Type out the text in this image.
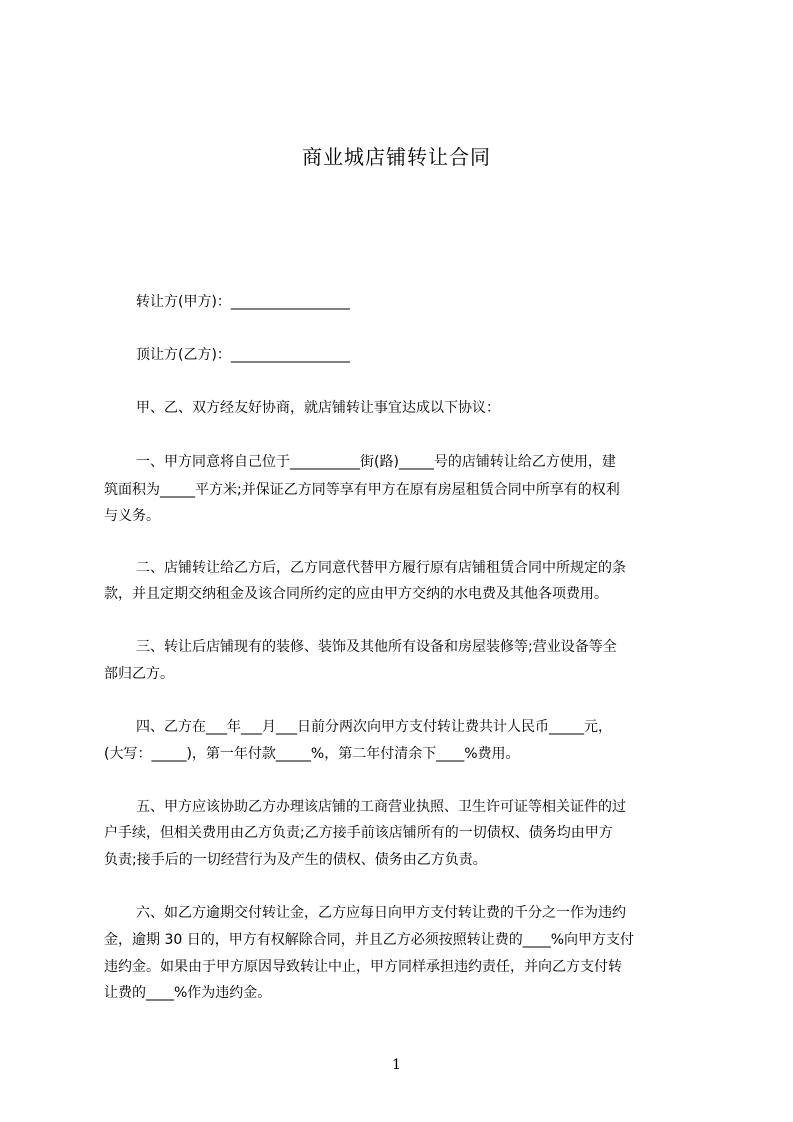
商业城店铺转让合同
转让方(甲方)：_________________
顶让方(乙方)：_________________
甲、乙、双方经友好协商，就店铺转让事宜达成以下协议：
一、甲方同意将自己位于__________街(路)_____号的店铺转让给乙方使用，建
筑面积为_____平方米;并保证乙方同等享有甲方在原有房屋租赁合同中所享有的权利
与义务。
二、店铺转让给乙方后，乙方同意代替甲方履行原有店铺租赁合同中所规定的条
款，并且定期交纳租金及该合同所约定的应由甲方交纳的水电费及其他各项费用。
三、转让后店铺现有的装修、装饰及其他所有设备和房屋装修等;营业设备等全
部归乙方。
四、乙方在___年___月___日前分两次向甲方支付转让费共计人民币_____元，
(大写：_____)，第一年付款_____%，第二年付清余下____%费用。
五、甲方应该协助乙方办理该店铺的工商营业执照、卫生许可证等相关证件的过
户手续，但相关费用由乙方负责;乙方接手前该店铺所有的一切债权、债务均由甲方
负责;接手后的一切经营行为及产生的债权、债务由乙方负责。
六、如乙方逾期交付转让金，乙方应每日向甲方支付转让费的千分之一作为违约
金，逾期 30 日的，甲方有权解除合同，并且乙方必须按照转让费的____%向甲方支付
违约金。如果由于甲方原因导致转让中止，甲方同样承担违约责任，并向乙方支付转
让费的____%作为违约金。
1
